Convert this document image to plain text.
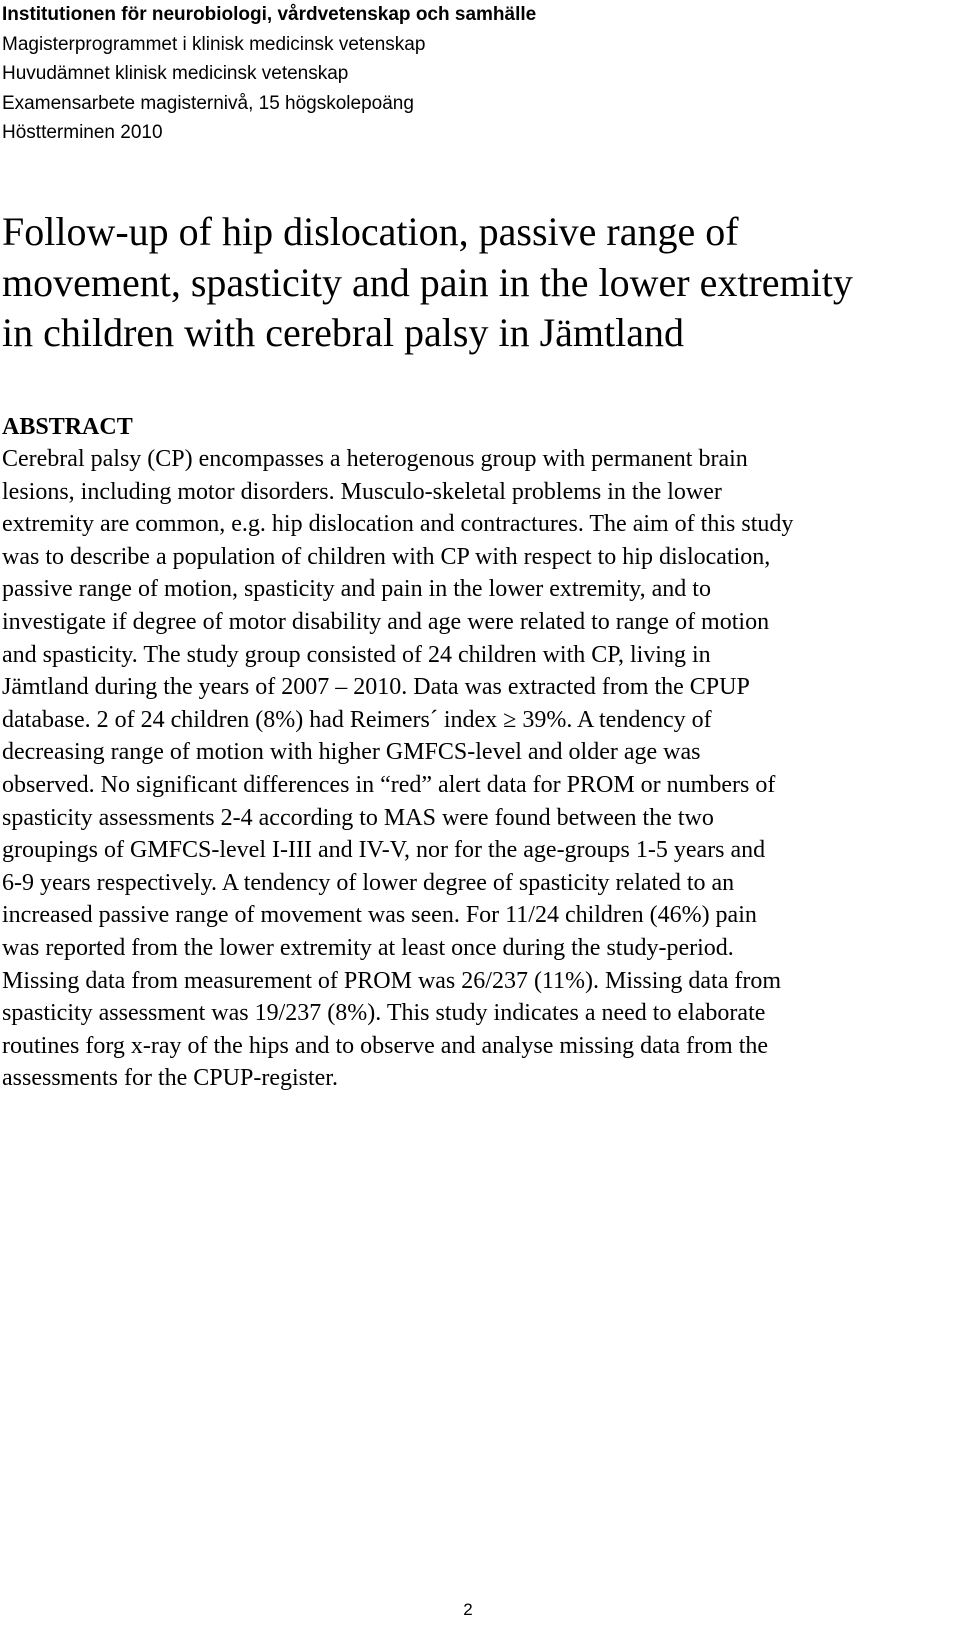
Institutionen för neurobiologi, vårdvetenskap och samhälle
Magisterprogrammet i klinisk medicinsk vetenskap
Huvudämnet klinisk medicinsk vetenskap
Examensarbete magisternivå, 15 högskolepoäng
Höstterminen 2010
Follow-up of hip dislocation, passive range of
movement, spasticity and pain in the lower extremity
in children with cerebral palsy in Jämtland
ABSTRACT
Cerebral palsy (CP) encompasses a heterogenous group with permanent brain
lesions, including motor disorders. Musculo-skeletal problems in the lower
extremity are common, e.g. hip dislocation and contractures. The aim of this study
was to describe a population of children with CP with respect to hip dislocation,
passive range of motion, spasticity and pain in the lower extremity, and to
investigate if degree of motor disability and age were related to range of motion
and spasticity. The study group consisted of 24 children with CP, living in
Jämtland during the years of 2007 – 2010. Data was extracted from the CPUP
database. 2 of 24 children (8%) had Reimers´ index ≥ 39%. A tendency of
decreasing range of motion with higher GMFCS-level and older age was
observed. No significant differences in “red” alert data for PROM or numbers of
spasticity assessments 2-4 according to MAS were found between the two
groupings of GMFCS-level I-III and IV-V, nor for the age-groups 1-5 years and
6-9 years respectively. A tendency of lower degree of spasticity related to an
increased passive range of movement was seen. For 11/24 children (46%) pain
was reported from the lower extremity at least once during the study-period.
Missing data from measurement of PROM was 26/237 (11%). Missing data from
spasticity assessment was 19/237 (8%). This study indicates a need to elaborate
routines forg x-ray of the hips and to observe and analyse missing data from the
assessments for the CPUP-register.
2
